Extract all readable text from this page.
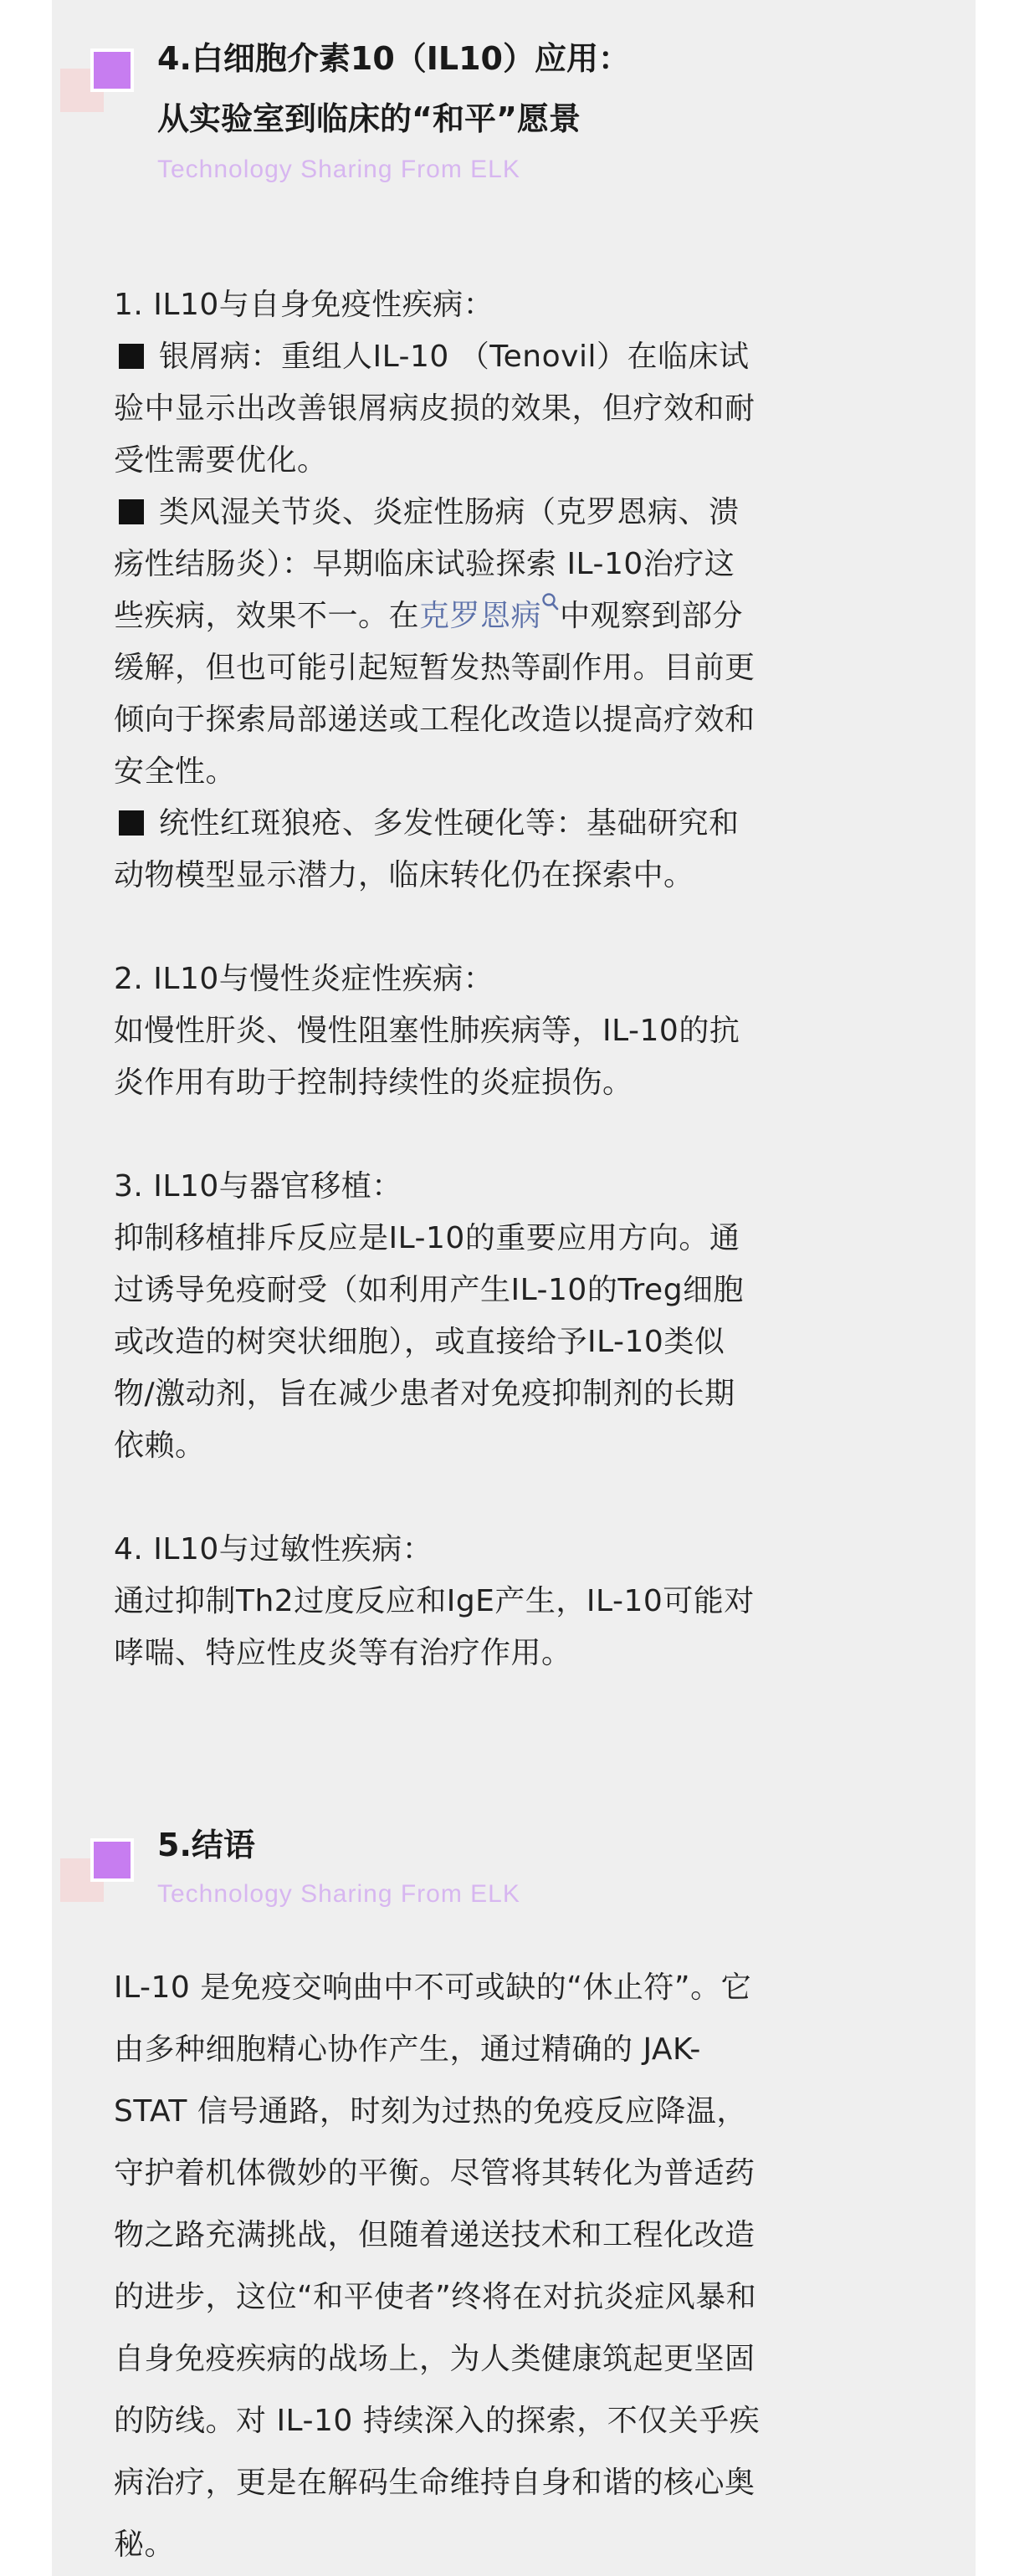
4.白细胞介素10（IL10）应用：
从实验室到临床的“和平”愿景
Technology Sharing From ELK
1. IL10与自身免疫性疾病：
银屑病：重组人IL-10 （Tenovil）在临床试
验中显示出改善银屑病皮损的效果，但疗效和耐
受性需要优化。
类风湿关节炎、炎症性肠病（克罗恩病、溃
疡性结肠炎）：早期临床试验探索 IL-10治疗这
些疾病，效果不一。在克罗恩病 中观察到部分
缓解，但也可能引起短暂发热等副作用。目前更
倾向于探索局部递送或工程化改造以提高疗效和
安全性。
统性红斑狼疮、多发性硬化等：基础研究和
动物模型显示潜力，临床转化仍在探索中。

2. IL10与慢性炎症性疾病：
如慢性肝炎、慢性阻塞性肺疾病等，IL-10的抗
炎作用有助于控制持续性的炎症损伤。

3. IL10与器官移植：
抑制移植排斥反应是IL-10的重要应用方向。通
过诱导免疫耐受（如利用产生IL-10的Treg细胞
或改造的树突状细胞），或直接给予IL-10类似
物/激动剂，旨在减少患者对免疫抑制剂的长期
依赖。

4. IL10与过敏性疾病：
通过抑制Th2过度反应和IgE产生，IL-10可能对
哮喘、特应性皮炎等有治疗作用。
5.结语
Technology Sharing From ELK
IL-10 是免疫交响曲中不可或缺的“休止符”。它
由多种细胞精心协作产生，通过精确的 JAK-
STAT 信号通路，时刻为过热的免疫反应降温，
守护着机体微妙的平衡。尽管将其转化为普适药
物之路充满挑战，但随着递送技术和工程化改造
的进步，这位“和平使者”终将在对抗炎症风暴和
自身免疫疾病的战场上，为人类健康筑起更坚固
的防线。对 IL-10 持续深入的探索，不仅关乎疾
病治疗，更是在解码生命维持自身和谐的核心奥
秘。
